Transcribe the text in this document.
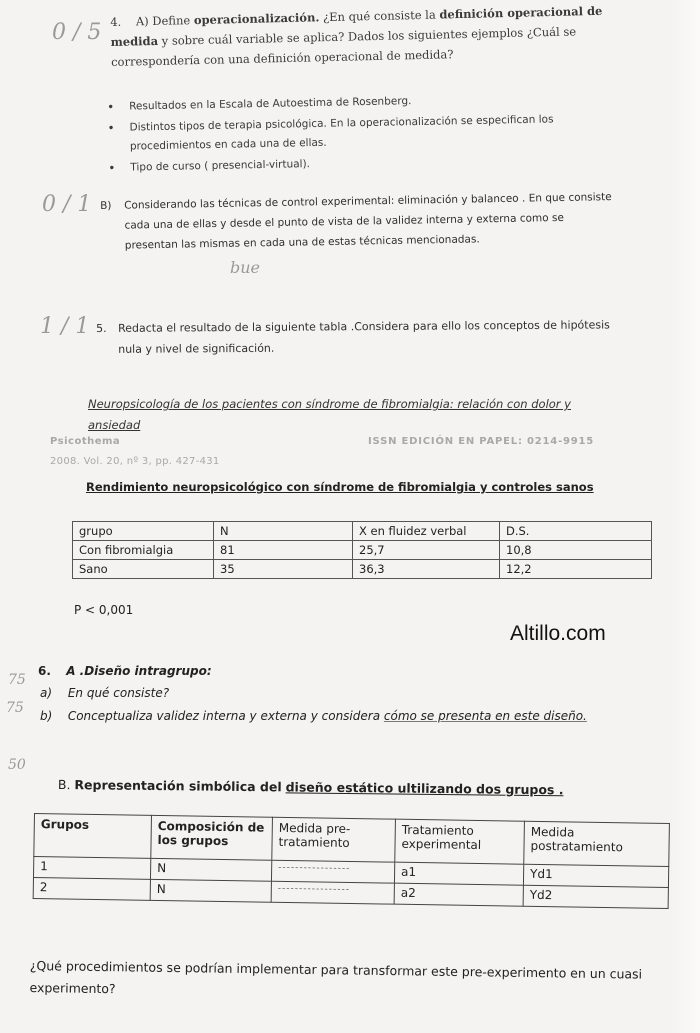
0 / 5
0 / 1
1 / 1
75
75
50
bue
4. A) Define operacionalización. ¿En qué consiste la definición operacional de medida y sobre cuál variable se aplica? Dados los siguientes ejemplos ¿Cuál se correspondería con una definición operacional de medida?
• Resultados en la Escala de Autoestima de Rosenberg.
• Distintos tipos de terapia psicológica. En la operacionalización se especifican los procedimientos en cada una de ellas.
• Tipo de curso ( presencial-virtual).
B)	Considerando las técnicas de control experimental: eliminación y balanceo . En que consiste cada una de ellas y desde el punto de vista de la validez interna y externa como se presentan las mismas en cada una de estas técnicas mencionadas.
5.	Redacta el resultado de la siguiente tabla .Considera para ello los conceptos de hipótesis nula y nivel de significación.
Neuropsicología de los pacientes con síndrome de fibromialgia: relación con dolor y ansiedad
Psicothema	ISSN EDICIÓN EN PAPEL: 0214-9915
2008. Vol. 20, nº 3, pp. 427-431
Rendimiento neuropsicológico con síndrome de fibromialgia y controles sanos
grupo	N	X en fluidez verbal	D.S.
Con fibromialgia	81	25,7	10,8
Sano	35	36,3	12,2
P < 0,001
Altillo.com
6. A .Diseño intragrupo:
a) En qué consiste?
b) Conceptualiza validez interna y externa y considera cómo se presenta en este diseño.
B. Representación simbólica del diseño estático ultilizando dos grupos .
Grupos	Composición de los grupos	Medida pre-tratamiento	Tratamiento experimental	Medida postratamiento
1	N	-----------------	a1	Yd1
2	N	-----------------	a2	Yd2
¿Qué procedimientos se podrían implementar para transformar este pre-experimento en un cuasi experimento?
